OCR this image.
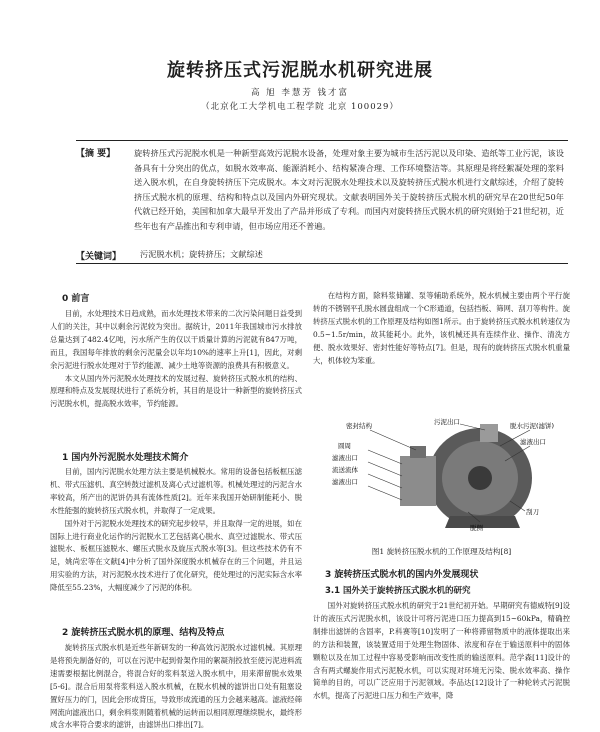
旋转挤压式污泥脱水机研究进展
高 旭 李慧芳 钱才富
（北京化工大学机电工程学院 北京 100029）
【摘 要】 旋转挤压式污泥脱水机是一种新型高效污泥脱水设备，处理对象主要为城市生活污泥以及印染、造纸等工业污泥，该设备具有十分突出的优点，如脱水效率高、能源消耗小、结构紧凑合理、工作环境整洁等。其原理是将经絮凝处理的浆料送入脱水机，在自身旋转挤压下完成脱水。本文对污泥脱水处理技术以及旋转挤压式脱水机进行文献综述，介绍了旋转挤压式脱水机的原理、结构和特点以及国内外研究现状。文献表明国外关于旋转挤压式脱水机的研究早在20世纪50年代就已经开始，美国和加拿大最早开发出了产品并形成了专利。而国内对旋转挤压式脱水机的研究则始于21世纪初，近些年也有产品推出和专利申请，但市场应用还不普遍。

【关键词】 污泥脱水机；旋转挤压；文献综述
0 前言

目前，水处理技术日趋成熟，而水处理技术带来的二次污染问题日益受到人们的关注，其中以剩余污泥较为突出。据统计，2011年我国城市污水排放总量达到了482.4亿吨，污水所产生的仅以干质量计算的污泥就有847万吨，而且，我国每年排放的剩余污泥量会以年均10%的速率上升[1]，因此，对剩余污泥进行脱水处理对于节约能源、减少土地等资源的浪费具有积极意义。

本文从国内外污泥脱水处理技术的发展过程、旋转挤压式脱水机的结构、原理和特点及发展现状进行了系统分析，其目的是设计一种新型的旋转挤压式污泥脱水机，提高脱水效率，节约能源。

1 国内外污泥脱水处理技术简介

目前，国内污泥脱水处理方法主要是机械脱水。常用的设备包括板框压滤机、带式压滤机、真空转鼓过滤机及离心式过滤机等。机械处理过的污泥含水率较高，所产出的泥饼仍具有流体性质[2]。近年来我国开始研制能耗小、脱水性能强的旋转挤压式脱水机，并取得了一定成果。

国外对于污泥脱水处理技术的研究起步较早，并且取得一定的进展，如在国际上进行商业化运作的污泥脱水工艺包括离心脱水、真空过滤脱水、带式压滤脱水、板框压滤脱水、螺压式脱水及旋压式脱水等[3]。但这些技术仍有不足，姚尚宏等在文献[4]中分析了国外深度脱水机械存在的三个问题，并且运用实验的方法，对污泥脱水技术进行了优化研究，使处理过的污泥实际含水率降低至55.23%，大幅度减少了污泥的体积。

2 旋转挤压式脱水机的原理、结构及特点

旋转挤压式脱水机是近些年新研发的一种高效污泥脱水过滤机械。其原理是将预先制备好的，可以在污泥中起到骨架作用的絮凝剂投放至使污泥进料流速需要根据比例混合，将混合好的浆料泵送入脱水机中，用来滞留脱水效果[5-6]。混合后用泵将浆料送入脱水机械，在脱水机械的滤饼出口处有阻塞设置好压力的门，因此会形成背压，导致形成流通的压力会越来越高。滤液经筛网流向滤液出口，剩余料浆则随着机械的运转而以相同原理继续脱水，最终形成含水率符合要求的滤饼，由滤饼出口排出[7]。

在结构方面，除料浆储罐、泵等辅助系统外，脱水机械主要由两个平行旋转的不锈钢平孔脱水圆盘组成一个C形通道，包括挡板、筛网、刮刀等构件。旋转挤压式脱水机的工作原理及结构如图1所示。由于旋转挤压式脱水机转速仅为0.5~1.5r/min，故其能耗小。此外，该机械还具有连续作业、操作、清洗方便、脱水效果好、密封性能好等特点[7]。但是，现有的旋转挤压式脱水机重量大，机体较为笨重。

密封结构	污泥出口	脱水污泥(滤饼)
滤液出口
圆周
滤液出口
流送流体
滤液出口
脱侧
刮刀
图1 旋转挤压脱水机的工作原理及结构[8]
3 旋转挤压式脱水机的国内外发展现状
3.1 国外关于旋转挤压式脱水机的研究

国外对旋转挤压式脱水机的研究于21世纪初开始。早期研究有德威特[9]设计的液压式污泥脱水机，该设计可将污泥进口压力提高到15~60kPa，精确控制排出滤饼的含固率，P.科赛等[10]发明了一种将滞留物质中的液体提取出来的方法和装置，该装置适用于处理生物固体、浓度和存在于输送原料中的固体颗粒以及在加工过程中容易受影响而改变性质的输送原料。范学森[11]设计的含有两式螺旋作用式污泥脱水机，可以实现对环境无污染、脱水效率高、操作简单的目的，可以广泛应用于污泥领域。李品达[12]设计了一种轮转式污泥脱水机，提高了污泥进口压力和生产效率，降
